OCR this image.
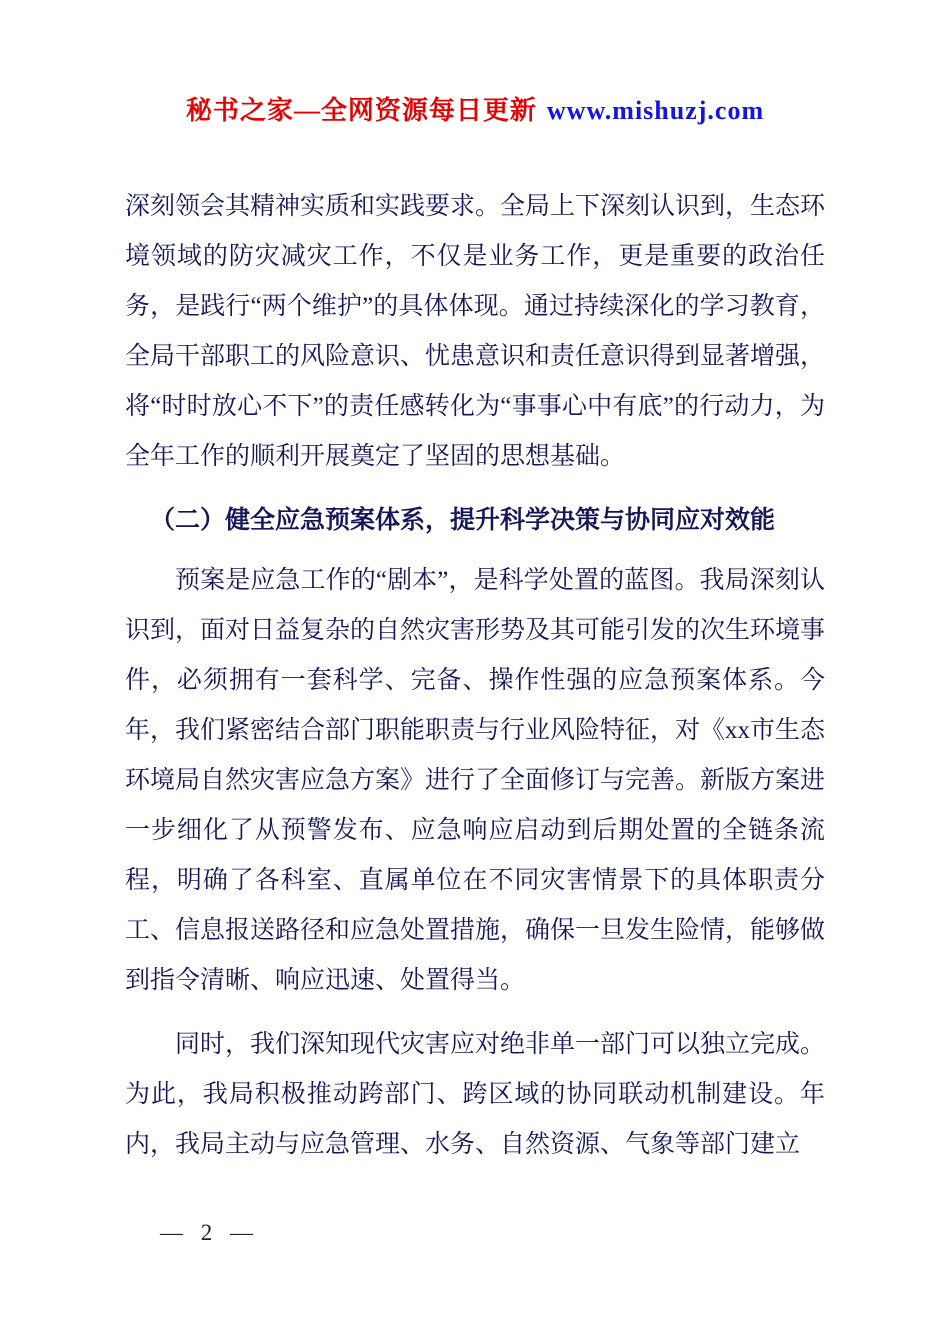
秘书之家—全网资源每日更新 www.mishuzj.com

深刻领会其精神实质和实践要求。全局上下深刻认识到，生态环境领域的防灾减灾工作，不仅是业务工作，更是重要的政治任务，是践行“两个维护”的具体体现。通过持续深化的学习教育，全局干部职工的风险意识、忧患意识和责任意识得到显著增强，将“时时放心不下”的责任感转化为“事事心中有底”的行动力，为全年工作的顺利开展奠定了坚固的思想基础。

（二）健全应急预案体系，提升科学决策与协同应对效能

预案是应急工作的“剧本”，是科学处置的蓝图。我局深刻认识到，面对日益复杂的自然灾害形势及其可能引发的次生环境事件，必须拥有一套科学、完备、操作性强的应急预案体系。今年，我们紧密结合部门职能职责与行业风险特征，对《xx市生态环境局自然灾害应急方案》进行了全面修订与完善。新版方案进一步细化了从预警发布、应急响应启动到后期处置的全链条流程，明确了各科室、直属单位在不同灾害情景下的具体职责分工、信息报送路径和应急处置措施，确保一旦发生险情，能够做到指令清晰、响应迅速、处置得当。

同时，我们深知现代灾害应对绝非单一部门可以独立完成。为此，我局积极推动跨部门、跨区域的协同联动机制建设。年内，我局主动与应急管理、水务、自然资源、气象等部门建立

— 2 —
